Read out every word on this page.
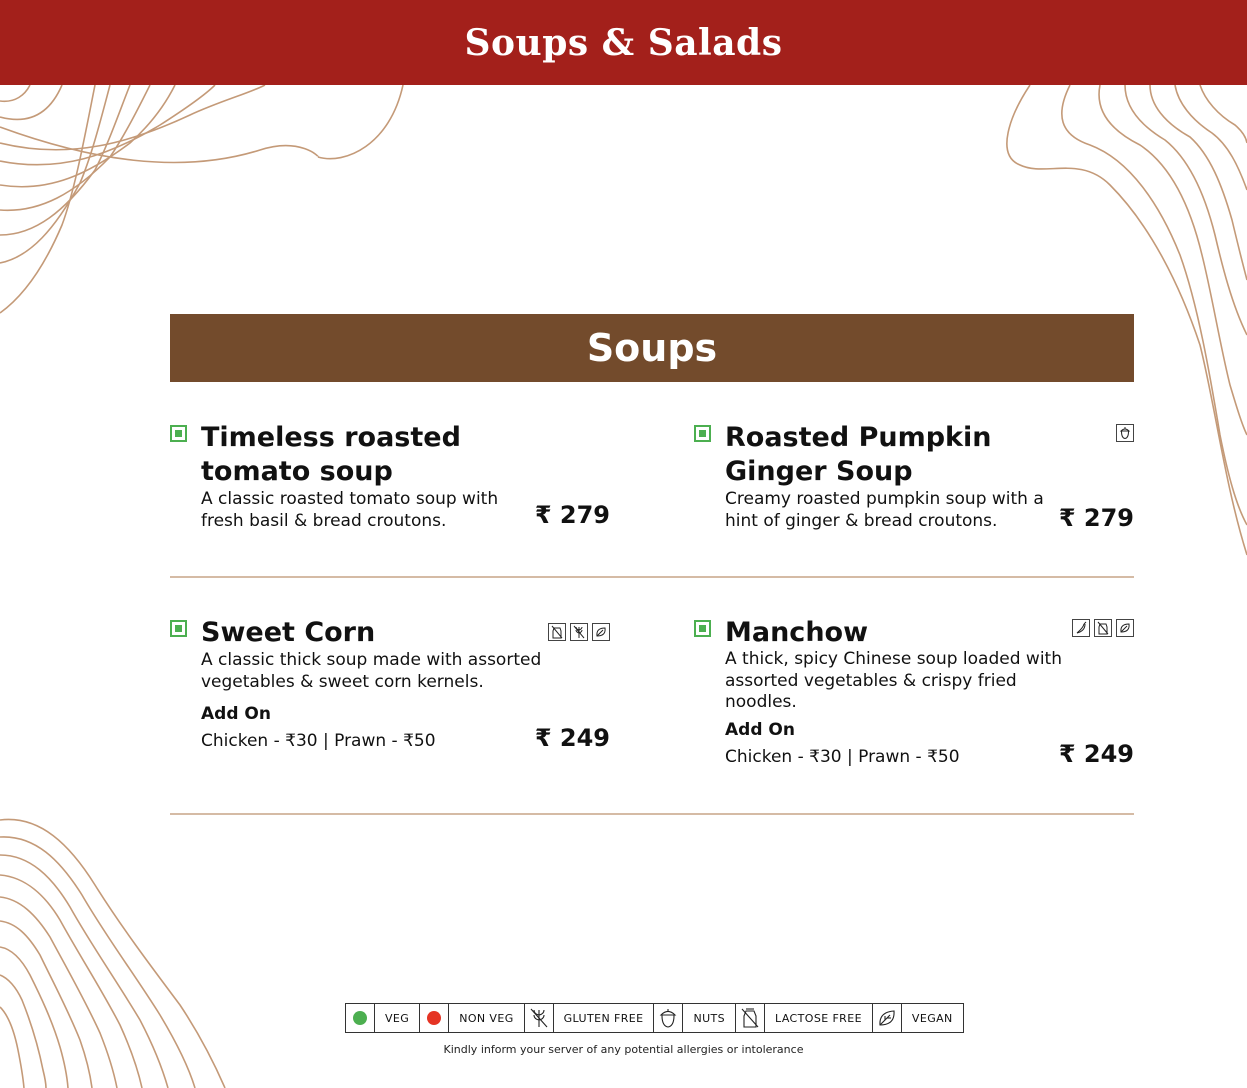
Soups & Salads
Soups
Timeless roasted tomato soup
A classic roasted tomato soup with fresh basil & bread croutons.	₹ 279
Roasted Pumpkin Ginger Soup
Creamy roasted pumpkin soup with a hint of ginger & bread croutons.	₹ 279
Sweet Corn
A classic thick soup made with assorted vegetables & sweet corn kernels.
Add On
Chicken - ₹30 | Prawn - ₹50	₹ 249
Manchow
A thick, spicy Chinese soup loaded with assorted vegetables & crispy fried noodles.
Add On
Chicken - ₹30 | Prawn - ₹50	₹ 249
VEG	NON VEG	GLUTEN FREE	NUTS	LACTOSE FREE	VEGAN
Kindly inform your server of any potential allergies or intolerance
